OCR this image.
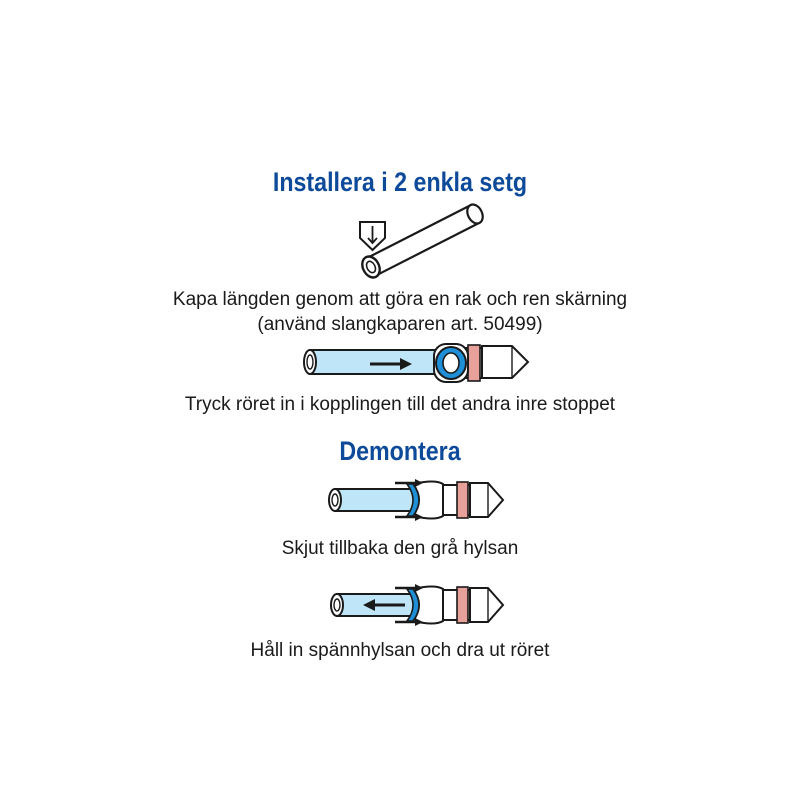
Installera i 2 enkla setg
Demontera
Kapa längden genom att göra en rak och ren skärning
(använd slangkaparen art. 50499)
Tryck röret in i kopplingen till det andra inre stoppet
Skjut tillbaka den grå hylsan
Håll in spännhylsan och dra ut röret
